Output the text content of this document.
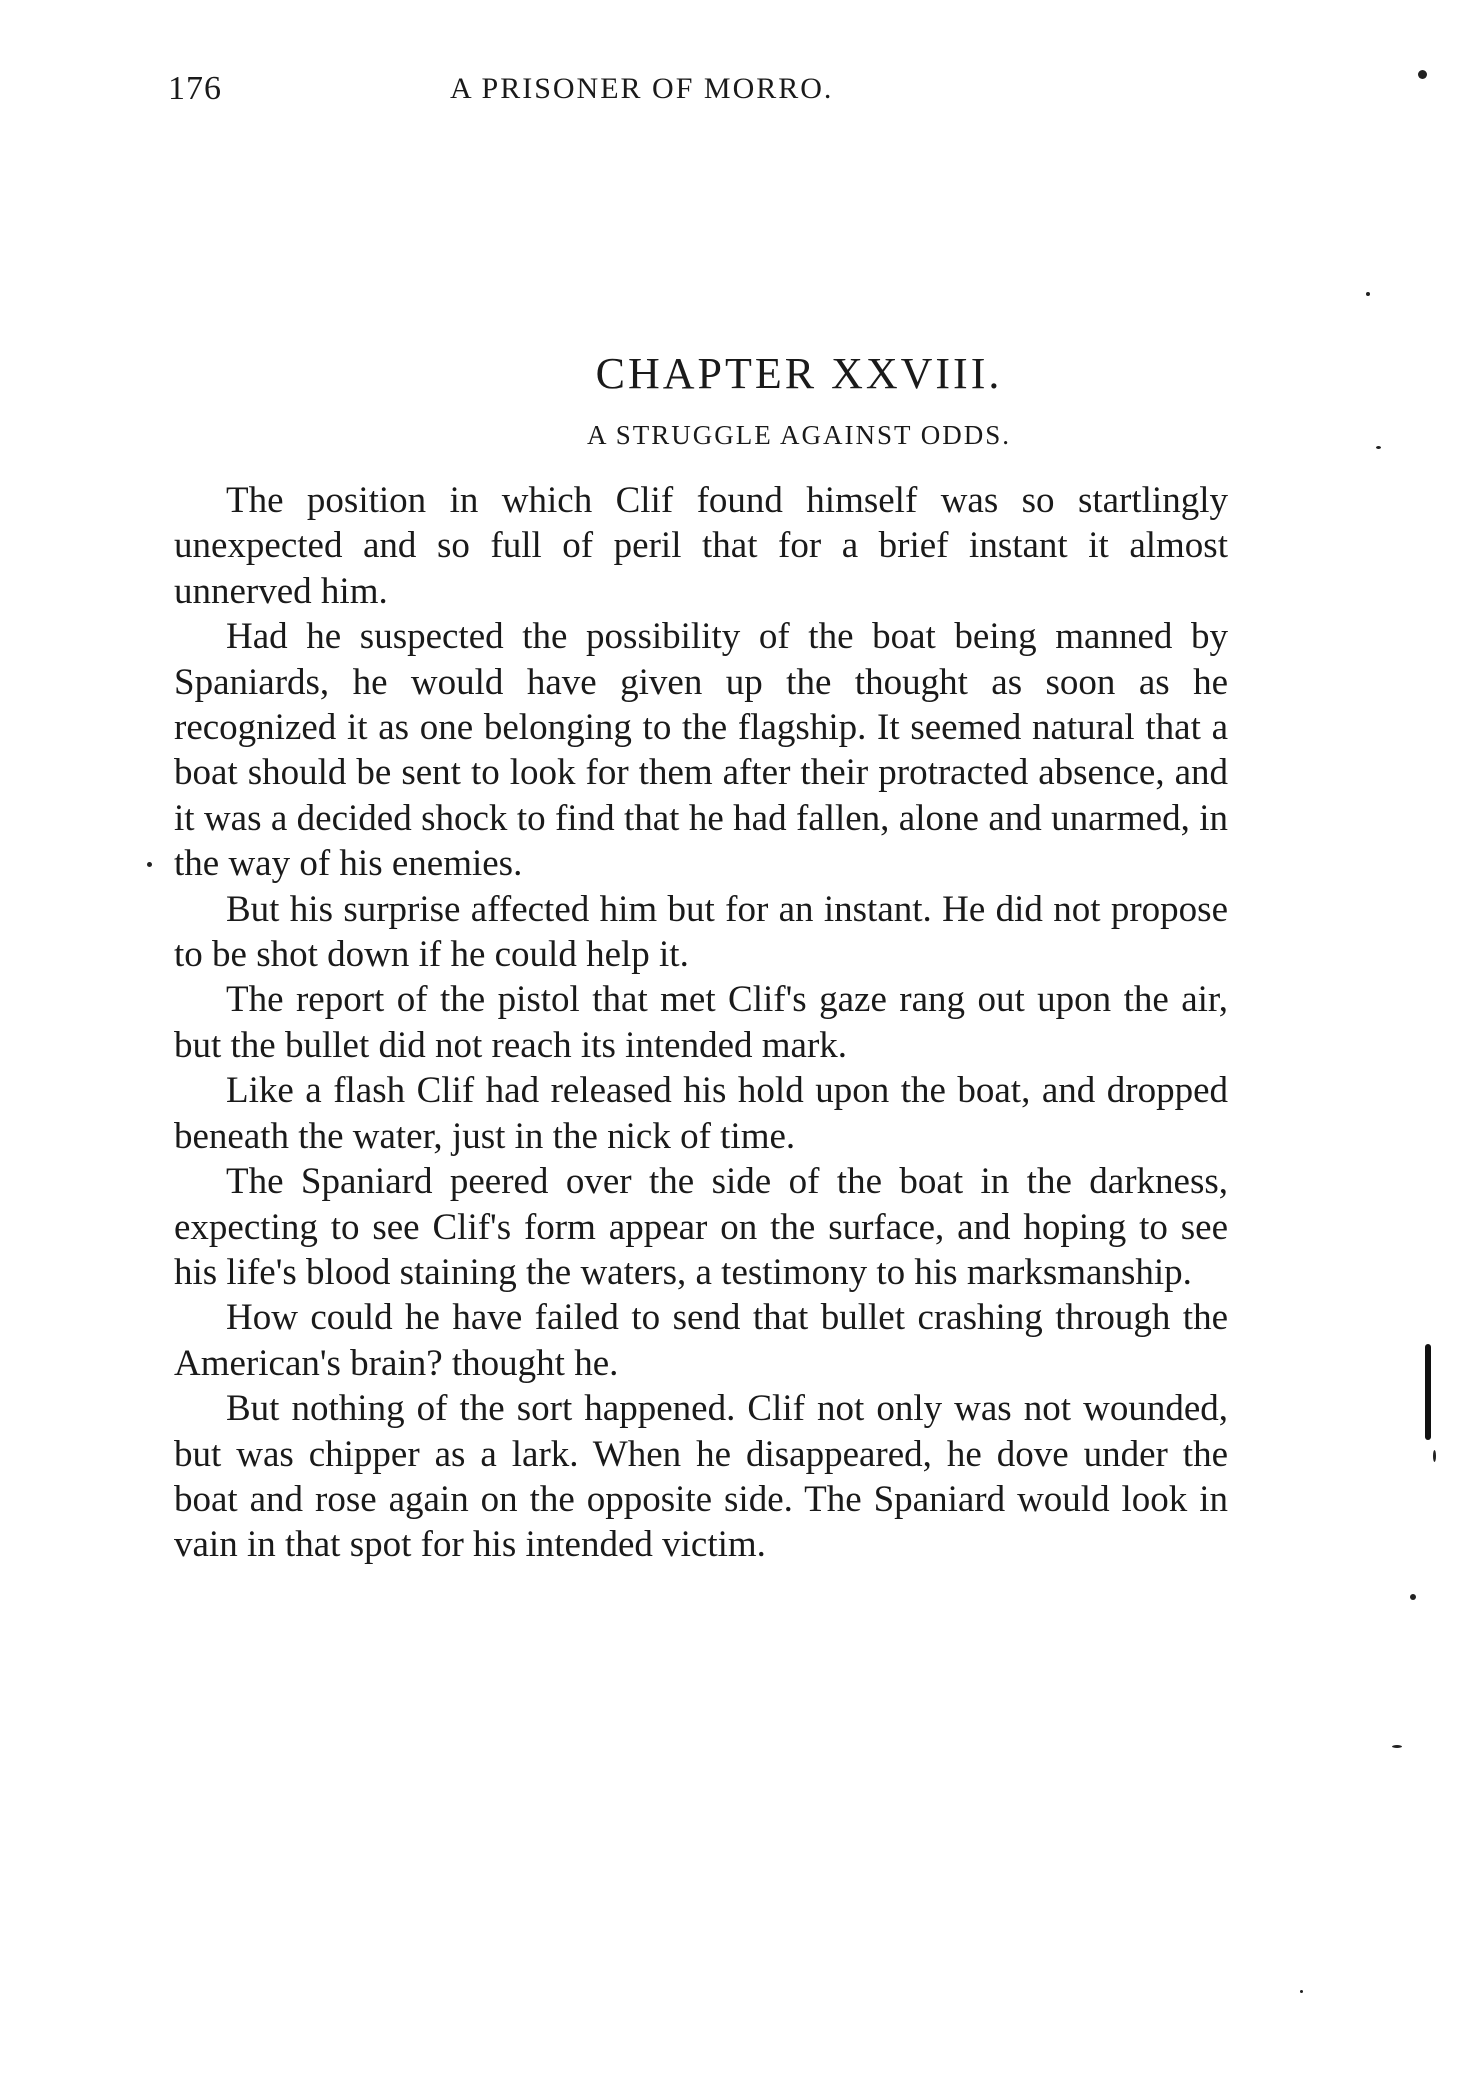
176	A PRISONER OF MORRO.
CHAPTER XXVIII.
A STRUGGLE AGAINST ODDS.

The position in which Clif found himself was so startlingly unexpected and so full of peril that for a brief instant it almost unnerved him.

Had he suspected the possibility of the boat being manned by Spaniards, he would have given up the thought as soon as he recognized it as one belonging to the flagship. It seemed natural that a boat should be sent to look for them after their protracted absence, and it was a decided shock to find that he had fallen, alone and unarmed, in the way of his enemies.

But his surprise affected him but for an instant. He did not propose to be shot down if he could help it.

The report of the pistol that met Clif's gaze rang out upon the air, but the bullet did not reach its intended mark.

Like a flash Clif had released his hold upon the boat, and dropped beneath the water, just in the nick of time.

The Spaniard peered over the side of the boat in the darkness, expecting to see Clif's form appear on the surface, and hoping to see his life's blood staining the waters, a testimony to his marksmanship.

How could he have failed to send that bullet crashing through the American's brain? thought he.

But nothing of the sort happened. Clif not only was not wounded, but was chipper as a lark. When he disappeared, he dove under the boat and rose again on the opposite side. The Spaniard would look in vain in that spot for his intended victim.
